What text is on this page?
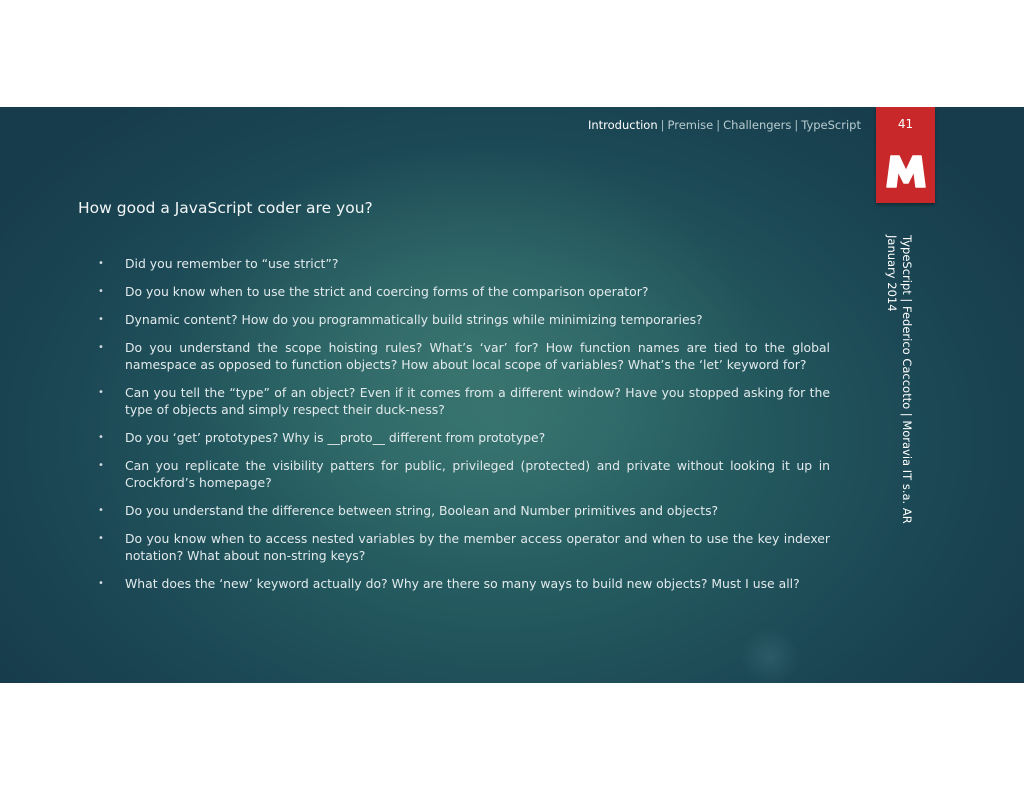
Introduction | Premise | Challengers | TypeScript	41
How good a JavaScript coder are you?
• Did you remember to “use strict”?
• Do you know when to use the strict and coercing forms of the comparison operator?
• Dynamic content? How do you programmatically build strings while minimizing temporaries?
• Do you understand the scope hoisting rules? What’s ‘var’ for? How function names are tied to the global namespace as opposed to function objects? How about local scope of variables? What’s the ‘let’ keyword for?
• Can you tell the “type” of an object? Even if it comes from a different window? Have you stopped asking for the type of objects and simply respect their duck-ness?
• Do you ‘get’ prototypes? Why is __proto__ different from prototype?
• Can you replicate the visibility patters for public, privileged (protected) and private without looking it up in Crockford’s homepage?
• Do you understand the difference between string, Boolean and Number primitives and objects?
• Do you know when to access nested variables by the member access operator and when to use the key indexer notation? What about non-string keys?
• What does the ‘new’ keyword actually do? Why are there so many ways to build new objects? Must I use all?
TypeScript | Federico Caccotto | Moravia IT s.a. AR
January 2014
